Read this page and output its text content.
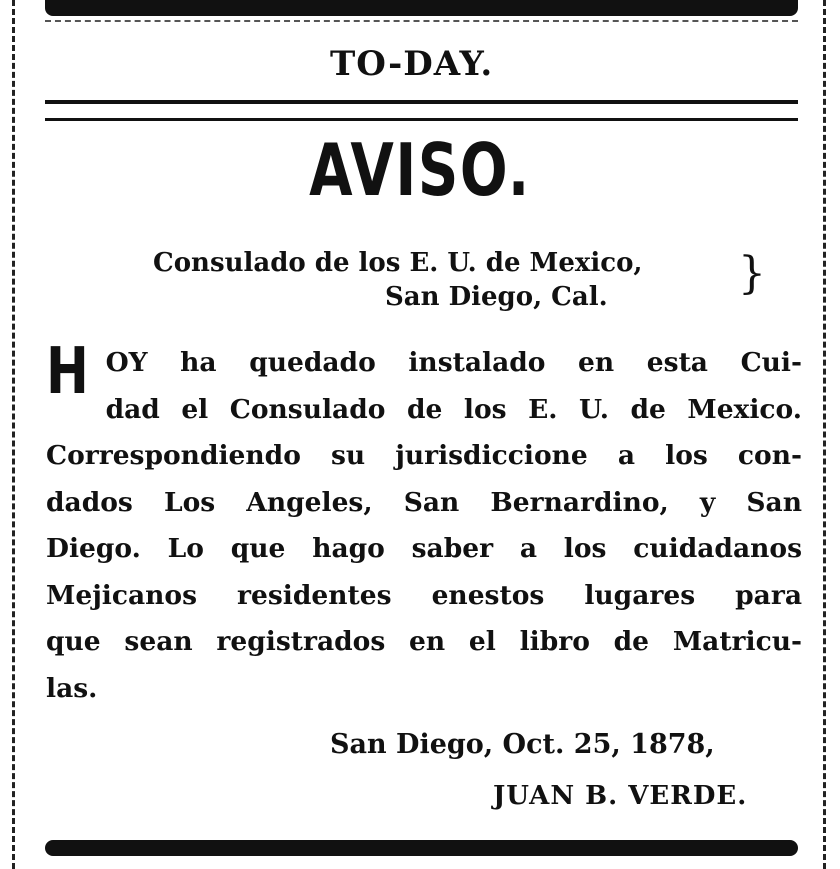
TO-DAY.
AVISO.
Consulado de los E. U. de Mexico,
San Diego, Cal.	}
H OY ha quedado instalado en esta Cui-
dad el Consulado de los E. U. de Mexico.
Correspondiendo su jurisdiccione a los con-
dados Los Angeles, San Bernardino, y San
Diego. Lo que hago saber a los cuidadanos
Mejicanos residentes enestos lugares para
que sean registrados en el libro de Matricu-
las.
San Diego, Oct. 25, 1878,
JUAN B. VERDE.
